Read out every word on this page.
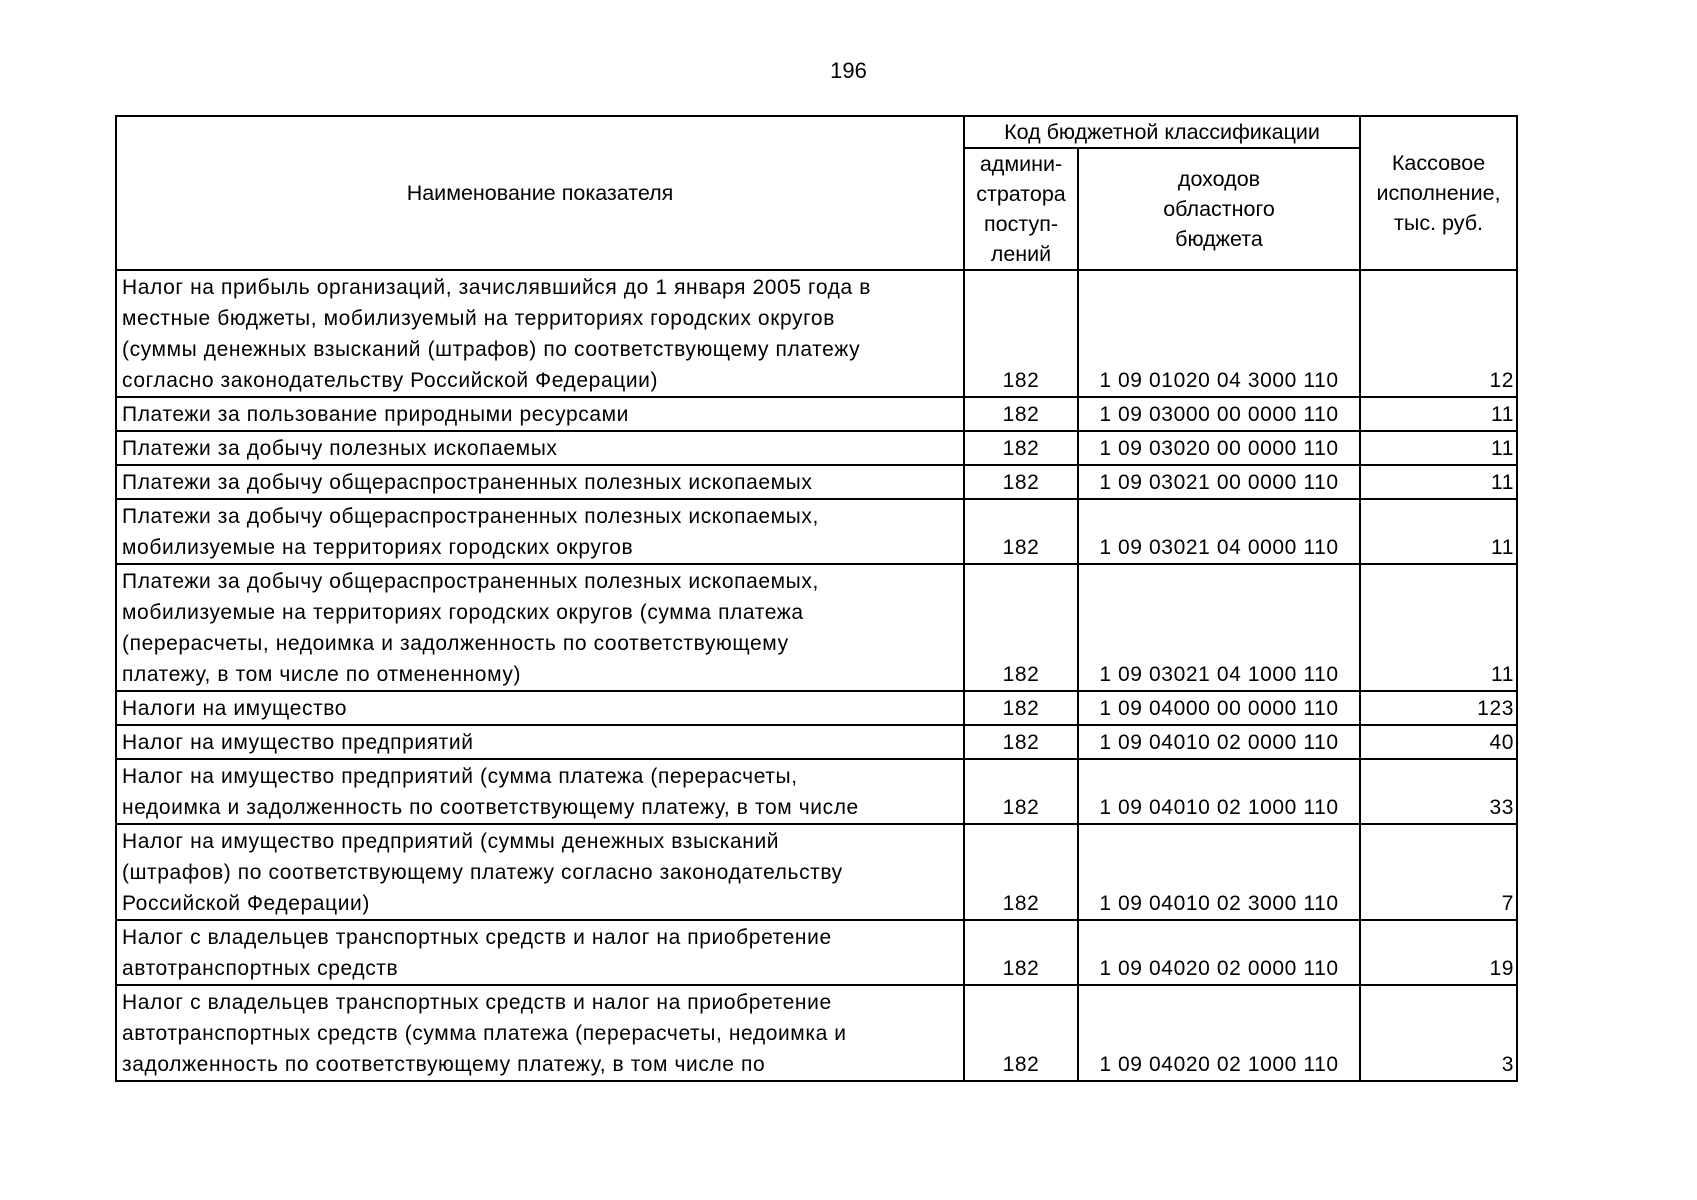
196
Наименование показателя	Код бюджетной классификации		Кассовое
исполнение,
тыс. руб.
	админи-
стратора
поступ-
лений	доходов
областного
бюджета	
Налог на прибыль организаций, зачислявшийся до 1 января 2005 года в
местные бюджеты, мобилизуемый на территориях городских округов
(суммы денежных взысканий (штрафов) по соответствующему платежу
согласно законодательству Российской Федерации)	182	1 09 01020 04 3000 110	12
Платежи за пользование природными ресурсами	182	1 09 03000 00 0000 110	11
Платежи за добычу полезных ископаемых	182	1 09 03020 00 0000 110	11
Платежи за добычу общераспространенных полезных ископаемых	182	1 09 03021 00 0000 110	11
Платежи за добычу общераспространенных полезных ископаемых,
мобилизуемые на территориях городских округов	182	1 09 03021 04 0000 110	11
Платежи за добычу общераспространенных полезных ископаемых,
мобилизуемые на территориях городских округов (сумма платежа
(перерасчеты, недоимка и задолженность по соответствующему
платежу, в том числе по отмененному)	182	1 09 03021 04 1000 110	11
Налоги на имущество	182	1 09 04000 00 0000 110	123
Налог на имущество предприятий	182	1 09 04010 02 0000 110	40
Налог на имущество предприятий (сумма платежа (перерасчеты,
недоимка и задолженность по соответствующему платежу, в том числе	182	1 09 04010 02 1000 110	33
Налог на имущество предприятий (суммы денежных взысканий
(штрафов) по соответствующему платежу согласно законодательству
Российской Федерации)	182	1 09 04010 02 3000 110	7
Налог с владельцев транспортных средств и налог на приобретение
автотранспортных средств	182	1 09 04020 02 0000 110	19
Налог с владельцев транспортных средств и налог на приобретение
автотранспортных средств (сумма платежа (перерасчеты, недоимка и
задолженность по соответствующему платежу, в том числе по	182	1 09 04020 02 1000 110	3
